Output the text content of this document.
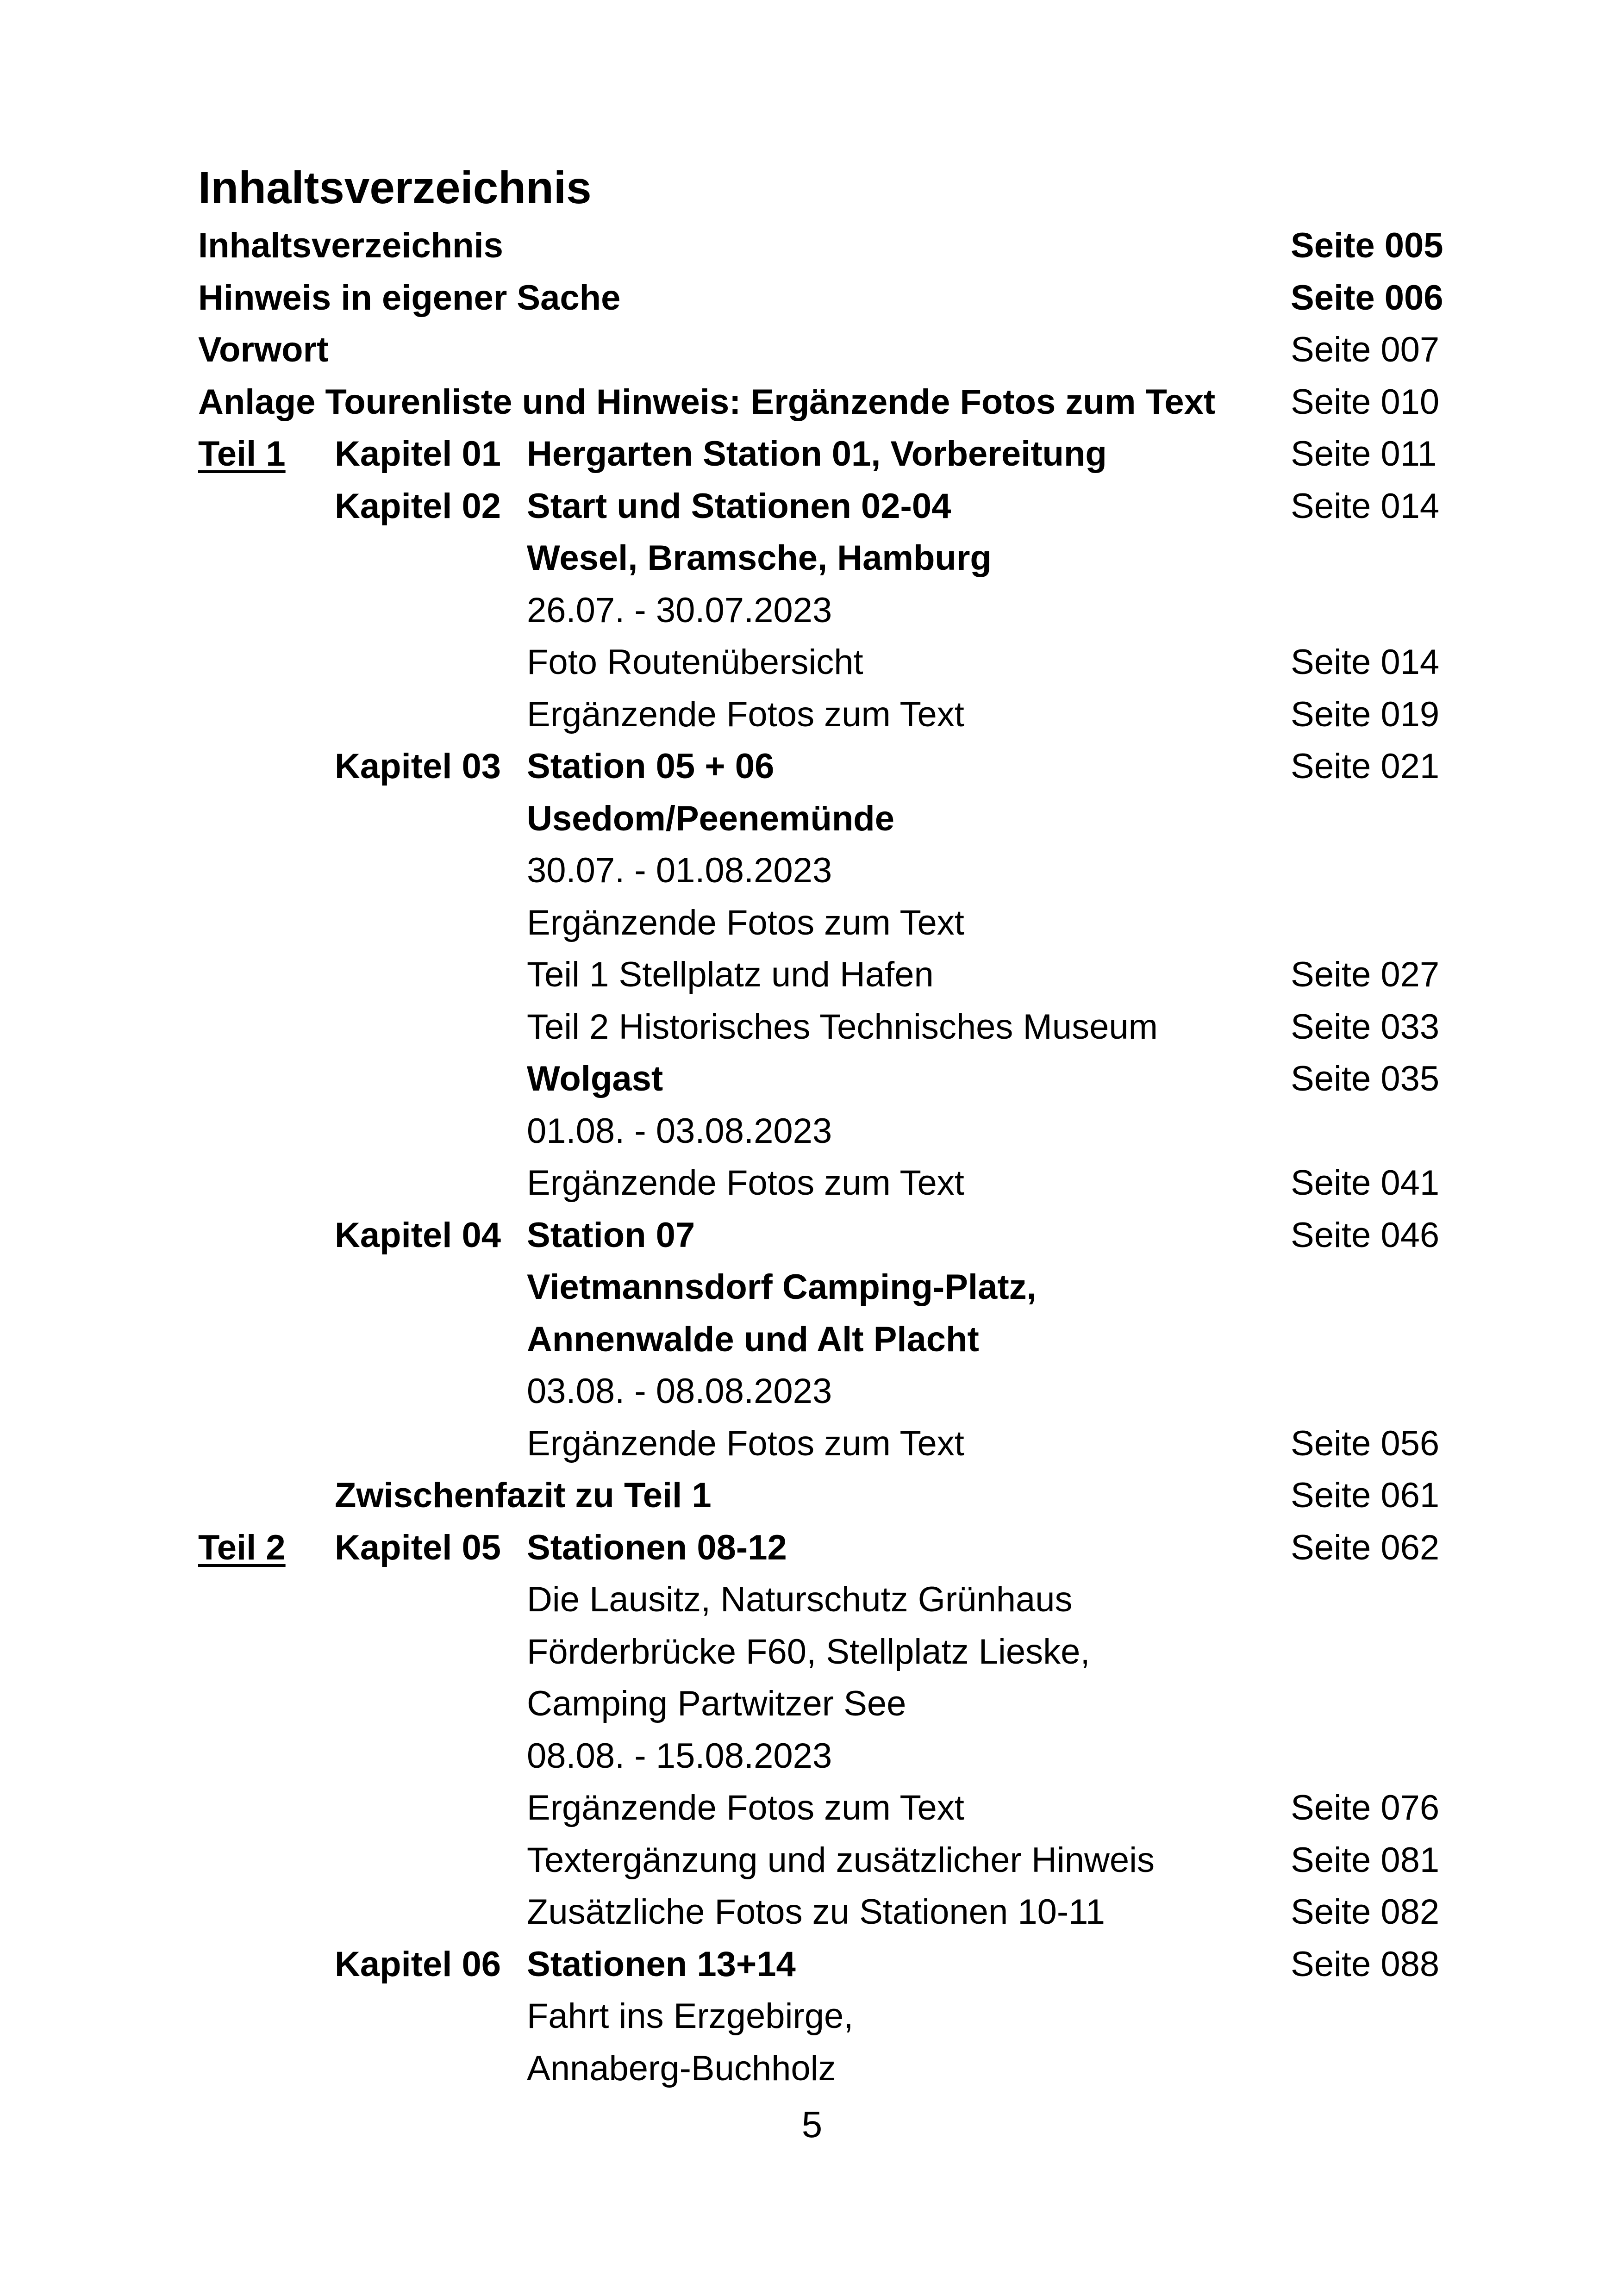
Inhaltsverzeichnis
Inhaltsverzeichnis	Seite 005
Hinweis in eigener Sache	Seite 006
Vorwort	Seite 007
Anlage Tourenliste und Hinweis: Ergänzende Fotos zum Text Seite 010
Teil 1 Kapitel 01 Hergarten Station 01, Vorbereitung	Seite 011
Kapitel 02 Start und Stationen 02-04	Seite 014
Wesel, Bramsche, Hamburg
26.07. - 30.07.2023
Foto Routenübersicht	Seite 014
Ergänzende Fotos zum Text	Seite 019
Kapitel 03 Station 05 + 06	Seite 021
Usedom/Peenemünde
30.07. - 01.08.2023
Ergänzende Fotos zum Text
Teil 1 Stellplatz und Hafen	Seite 027
Teil 2 Historisches Technisches Museum	Seite 033
Wolgast	Seite 035
01.08. - 03.08.2023
Ergänzende Fotos zum Text	Seite 041
Kapitel 04 Station 07	Seite 046
Vietmannsdorf Camping-Platz,
Annenwalde und Alt Placht
03.08. - 08.08.2023
Ergänzende Fotos zum Text	Seite 056
Zwischenfazit zu Teil 1	Seite 061
Teil 2 Kapitel 05 Stationen 08-12	Seite 062
Die Lausitz, Naturschutz Grünhaus
Förderbrücke F60, Stellplatz Lieske,
Camping Partwitzer See
08.08. - 15.08.2023
Ergänzende Fotos zum Text	Seite 076
Textergänzung und zusätzlicher Hinweis	Seite 081
Zusätzliche Fotos zu Stationen 10-11	Seite 082
Kapitel 06 Stationen 13+14	Seite 088
Fahrt ins Erzgebirge,
Annaberg-Buchholz
5
